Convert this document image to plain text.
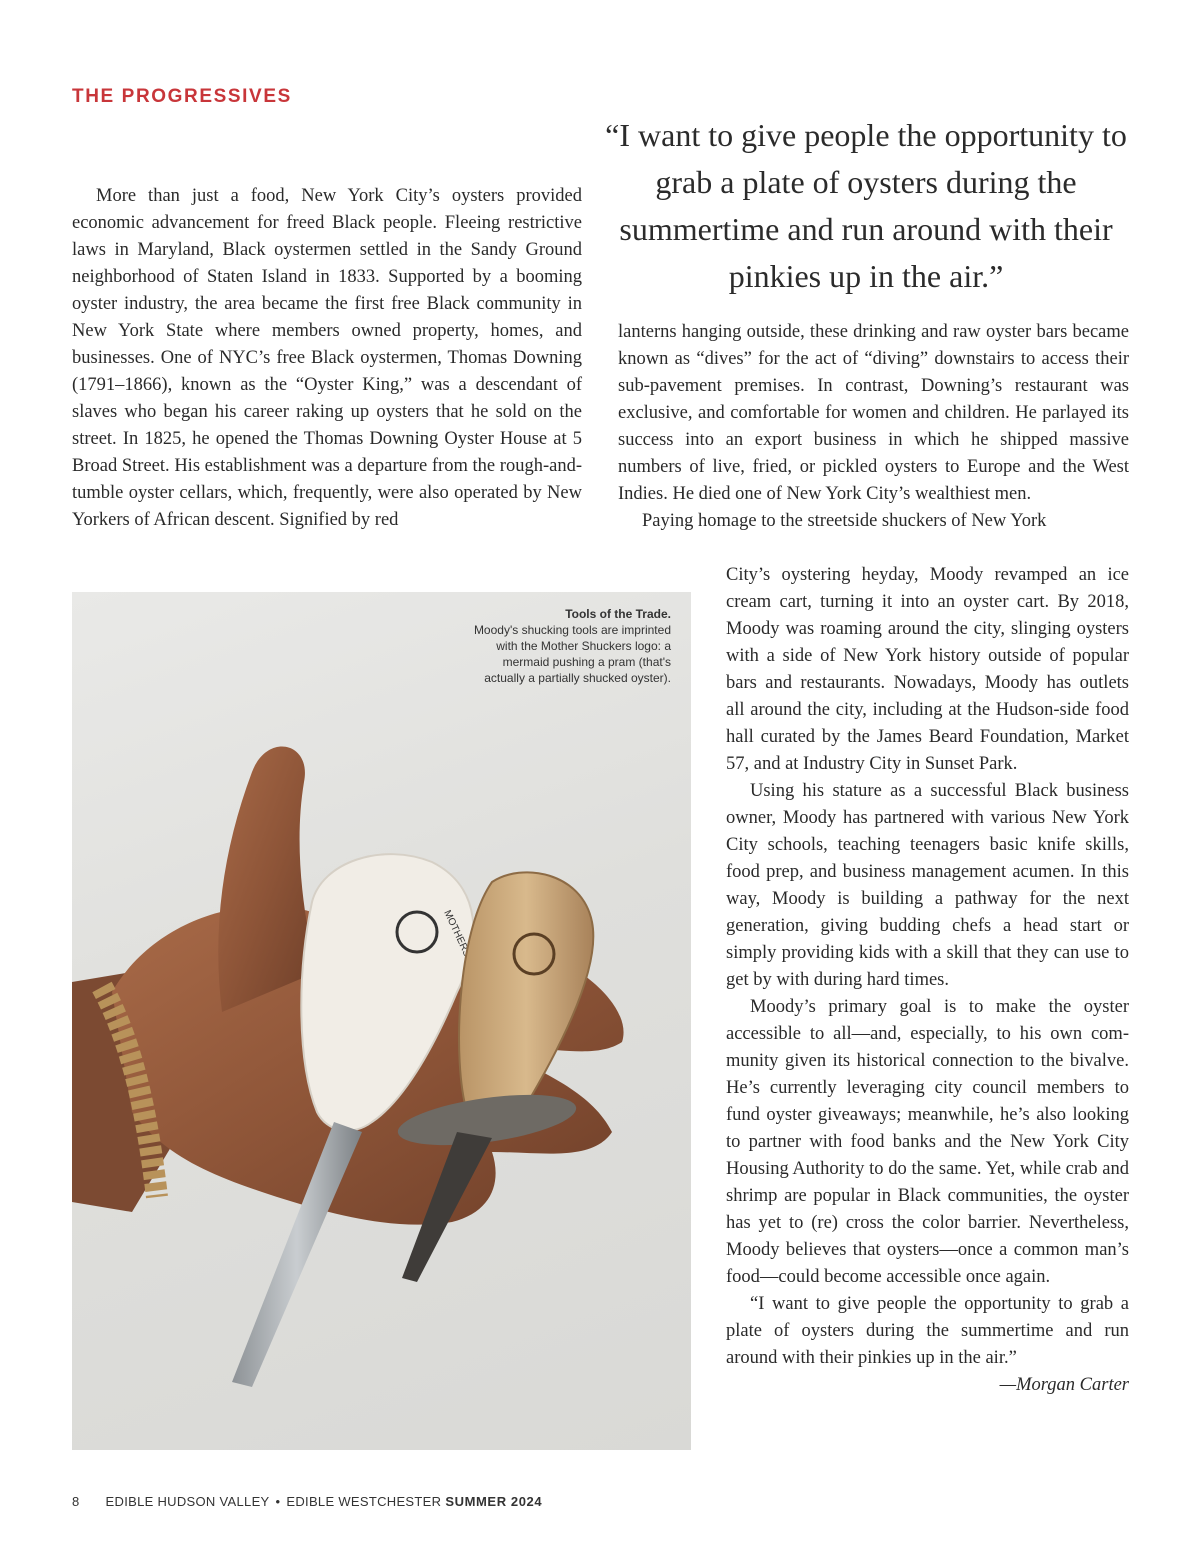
THE PROGRESSIVES
“I want to give people the opportunity to grab a plate of oysters during the summertime and run around with their pinkies up in the air.”

More than just a food, New York City’s oysters provided economic advancement for freed Black people. Fleeing restrictive laws in Maryland, Black oystermen settled in the Sandy Ground neighborhood of Staten Island in 1833. Supported by a booming oyster industry, the area became the first free Black community in New York State where members owned property, homes, and businesses. One of NYC’s free Black oystermen, Thomas Downing (1791–1866), known as the “Oyster King,” was a descendant of slaves who began his career raking up oysters that he sold on the street. In 1825, he opened the Thomas Downing Oyster House at 5 Broad Street. His establishment was a departure from the rough-and-tumble oyster cellars, which, frequently, were also operated by New Yorkers of African descent. Signified by red

lanterns hanging outside, these drinking and raw oyster bars became known as “dives” for the act of “diving” downstairs to access their sub-pavement premises. In contrast, Downing’s restaurant was exclusive, and comfortable for women and children. He parlayed its success into an export business in which he shipped massive numbers of live, fried, or pickled oysters to Europe and the West Indies. He died one of New York City’s wealthiest men.

Paying homage to the streetside shuckers of New York

City’s oystering heyday, Moody revamped an ice cream cart, turning it into an oyster cart. By 2018, Moody was roaming around the city, slinging oysters with a side of New York history outside of popular bars and restaurants. Nowadays, Moody has outlets all around the city, including at the Hudson-side food hall curated by the James Beard Foundation, Market 57, and at Industry City in Sunset Park.

Using his stature as a successful Black business owner, Moody has partnered with various New York City schools, teaching teenagers basic knife skills, food prep, and business management acumen. In this way, Moody is building a pathway for the next generation, giving budding chefs a head start or simply providing kids with a skill that they can use to get by with during hard times.

Moody’s primary goal is to make the oyster accessible to all—and, especially, to his own community given its historical connection to the bivalve. He’s currently leveraging city council members to fund oyster giveaways; meanwhile, he’s also looking to partner with food banks and the New York City Housing Authority to do the same. Yet, while crab and shrimp are popular in Black communities, the oyster has yet to (re) cross the color barrier. Nevertheless, Moody believes that oysters—once a common man’s food—could become accessible once again.

“I want to give people the opportunity to grab a plate of oysters during the summertime and run around with their pinkies up in the air.”

—Morgan Carter

Tools of the Trade.
Moody's shucking tools are imprinted with the Mother Shuckers logo: a mermaid pushing a pram (that's actually a partially shucked oyster).
8 EDIBLE HUDSON VALLEY • EDIBLE WESTCHESTER SUMMER 2024
